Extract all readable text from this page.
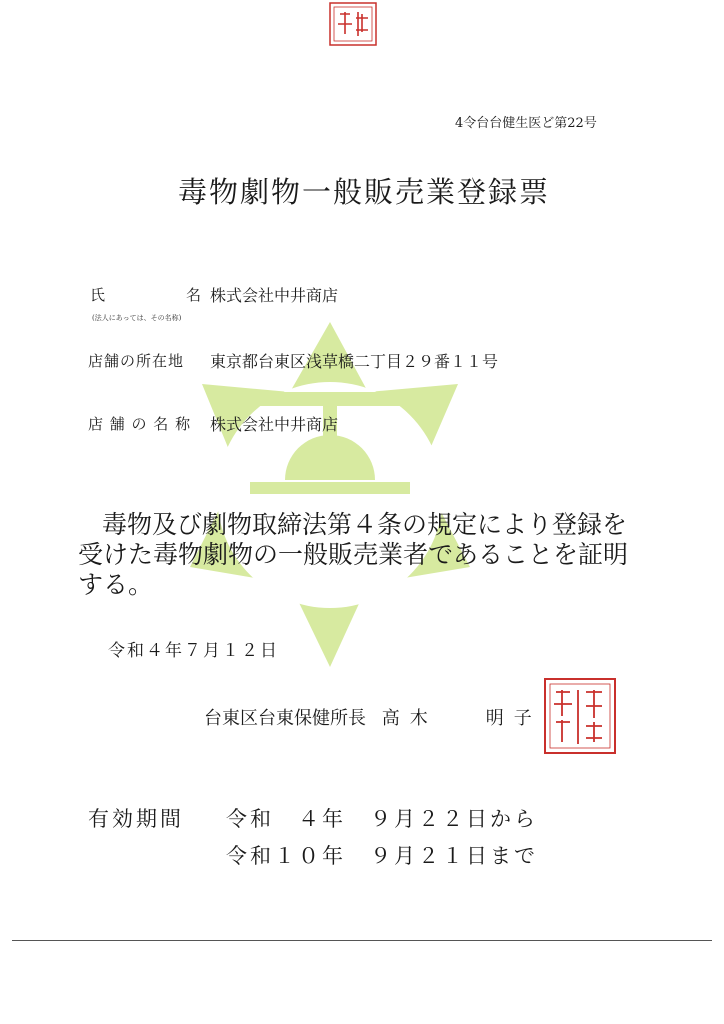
4令台台健生医ど第22号
毒物劇物一般販売業登録票
氏　　　　　名 株式会社中井商店
(法人にあっては、その名称)
店舗の所在地 東京都台東区浅草橋二丁目２９番１１号
店 舗 の 名 称 株式会社中井商店
毒物及び劇物取締法第４条の規定により登録を
受けた毒物劇物の一般販売業者であることを証明
する。
令和４年７月１２日
台東区台東保健所長 高木	明子
有効期間 令和　４年　９月２２日から
令和１０年　９月２１日まで
